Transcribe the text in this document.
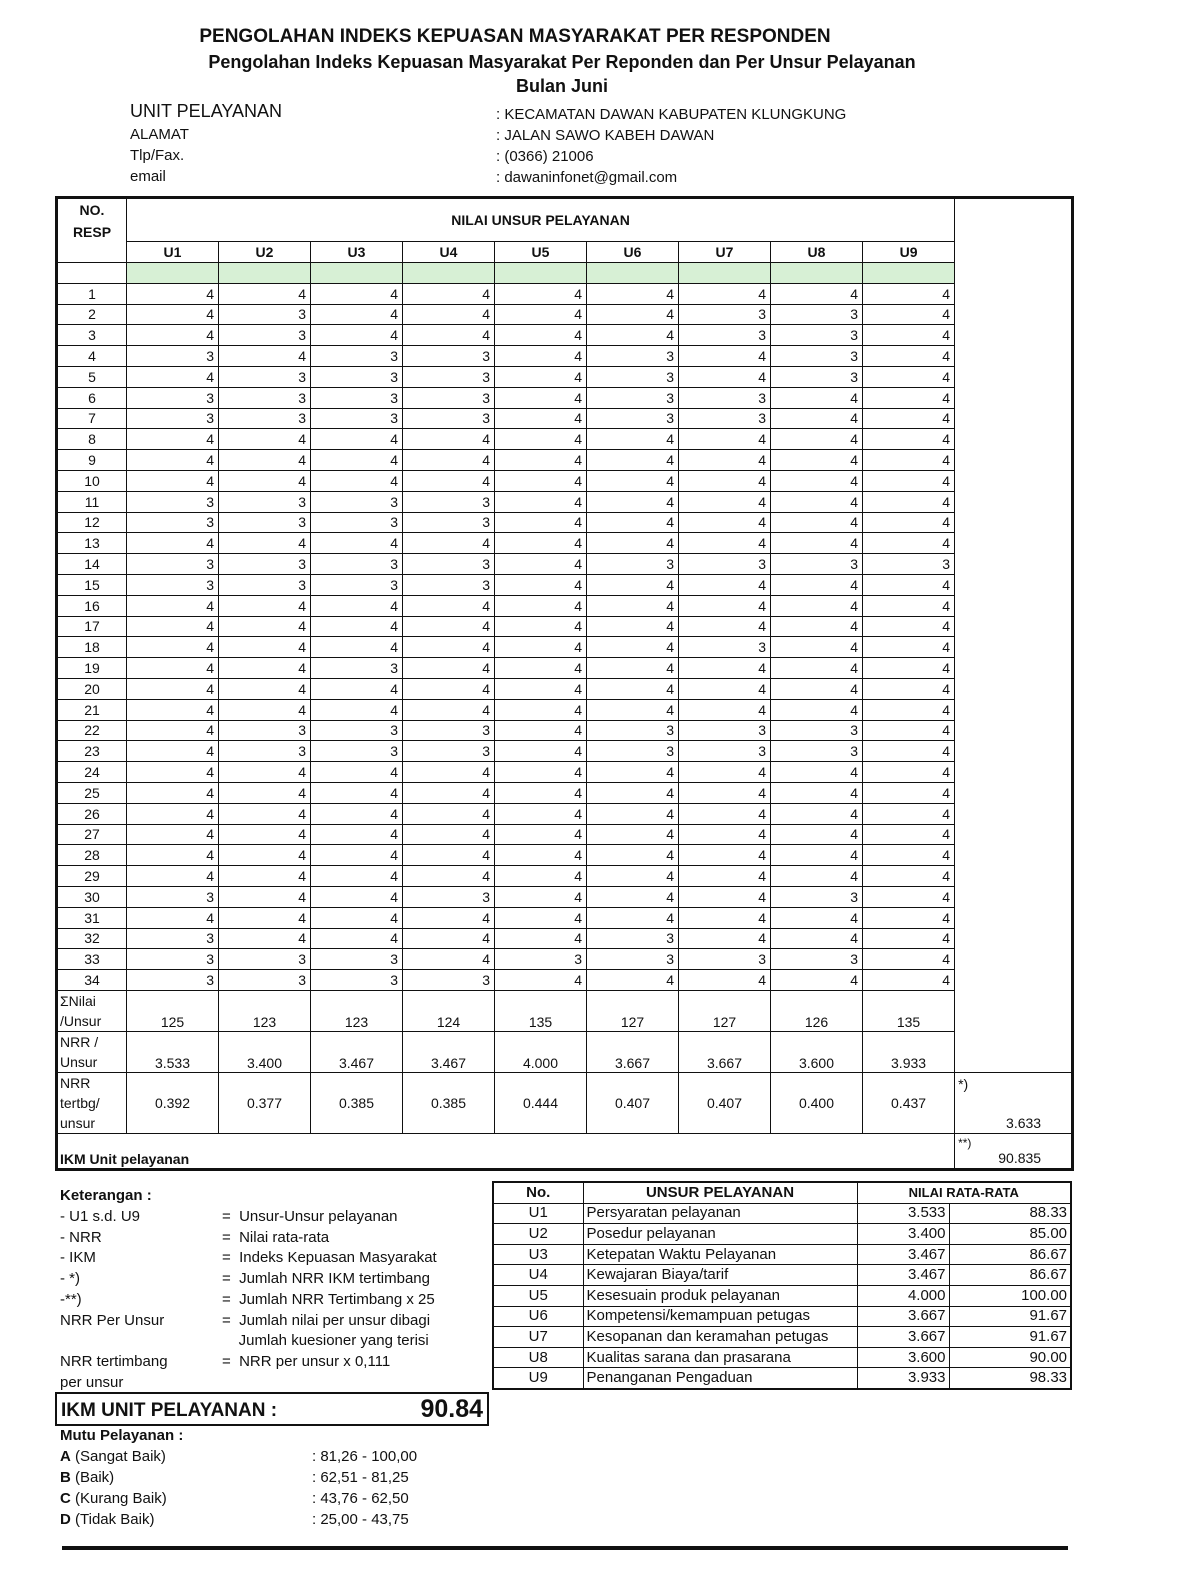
PENGOLAHAN INDEKS KEPUASAN MASYARAKAT PER RESPONDEN
Pengolahan Indeks Kepuasan Masyarakat Per Reponden dan Per Unsur Pelayanan
Bulan Juni
UNIT PELAYANAN	: KECAMATAN DAWAN KABUPATEN KLUNGKUNG
ALAMAT	: JALAN SAWO KABEH DAWAN
Tlp/Fax.	: (0366) 21006
email	: dawaninfonet@gmail.com
NO.
RESP	NILAI UNSUR PELAYANAN									
	U1	U2	U3	U4	U5	U6	U7	U8	U9	

1	4	4	4	4	4	4	4	4	4	
2	4	3	4	4	4	4	3	3	4	
3	4	3	4	4	4	4	3	3	4	
4	3	4	3	3	4	3	4	3	4	
5	4	3	3	3	4	3	4	3	4	
6	3	3	3	3	4	3	3	4	4	
7	3	3	3	3	4	3	3	4	4	
8	4	4	4	4	4	4	4	4	4	
9	4	4	4	4	4	4	4	4	4	
10	4	4	4	4	4	4	4	4	4	
11	3	3	3	3	4	4	4	4	4	
12	3	3	3	3	4	4	4	4	4	
13	4	4	4	4	4	4	4	4	4	
14	3	3	3	3	4	3	3	3	3	
15	3	3	3	3	4	4	4	4	4	
16	4	4	4	4	4	4	4	4	4	
17	4	4	4	4	4	4	4	4	4	
18	4	4	4	4	4	4	3	4	4	
19	4	4	3	4	4	4	4	4	4	
20	4	4	4	4	4	4	4	4	4	
21	4	4	4	4	4	4	4	4	4	
22	4	3	3	3	4	3	3	3	4	
23	4	3	3	3	4	3	3	3	4	
24	4	4	4	4	4	4	4	4	4	
25	4	4	4	4	4	4	4	4	4	
26	4	4	4	4	4	4	4	4	4	
27	4	4	4	4	4	4	4	4	4	
28	4	4	4	4	4	4	4	4	4	
29	4	4	4	4	4	4	4	4	4	
30	3	4	4	3	4	4	4	3	4	
31	4	4	4	4	4	4	4	4	4	
32	3	4	4	4	4	3	4	4	4	
33	3	3	3	4	3	3	3	3	4	
34	3	3	3	3	4	4	4	4	4	
ΣNilai
/Unsur	125	123	123	124	135	127	127	126	135	
NRR /
Unsur	3.533	3.400	3.467	3.467	4.000	3.667	3.667	3.600	3.933	
NRR
tertbg/
unsur	0.392	0.377	0.385	0.385	0.444	0.407	0.407	0.400	0.437	*)
3.633

IKM Unit pelayanan										**)
90.835
Keterangan :
- U1 s.d. U9	=  Unsur-Unsur pelayanan
- NRR	=  Nilai rata-rata
- IKM	=  Indeks Kepuasan Masyarakat
- *)	=  Jumlah NRR IKM tertimbang
-**)	=  Jumlah NRR Tertimbang x 25
NRR Per Unsur	=  Jumlah nilai per unsur dibagi
Jumlah kuesioner yang terisi
NRR tertimbang	=  NRR per unsur x 0,111
per unsur
No.	UNSUR PELAYANAN	NILAI RATA-RATA	
U1	Persyaratan pelayanan	3.533	88.33
U2	Posedur pelayanan	3.400	85.00
U3	Ketepatan Waktu Pelayanan	3.467	86.67
U4	Kewajaran Biaya/tarif	3.467	86.67
U5	Kesesuain produk pelayanan	4.000	100.00
U6	Kompetensi/kemampuan petugas	3.667	91.67
U7	Kesopanan dan keramahan petugas	3.667	91.67
U8	Kualitas sarana dan prasarana	3.600	90.00
U9	Penanganan Pengaduan	3.933	98.33
IKM UNIT PELAYANAN :	90.84
Mutu Pelayanan :
A (Sangat Baik)	: 81,26 - 100,00
B (Baik)	: 62,51 - 81,25
C (Kurang Baik)	: 43,76 - 62,50
D (Tidak Baik)	: 25,00 - 43,75
